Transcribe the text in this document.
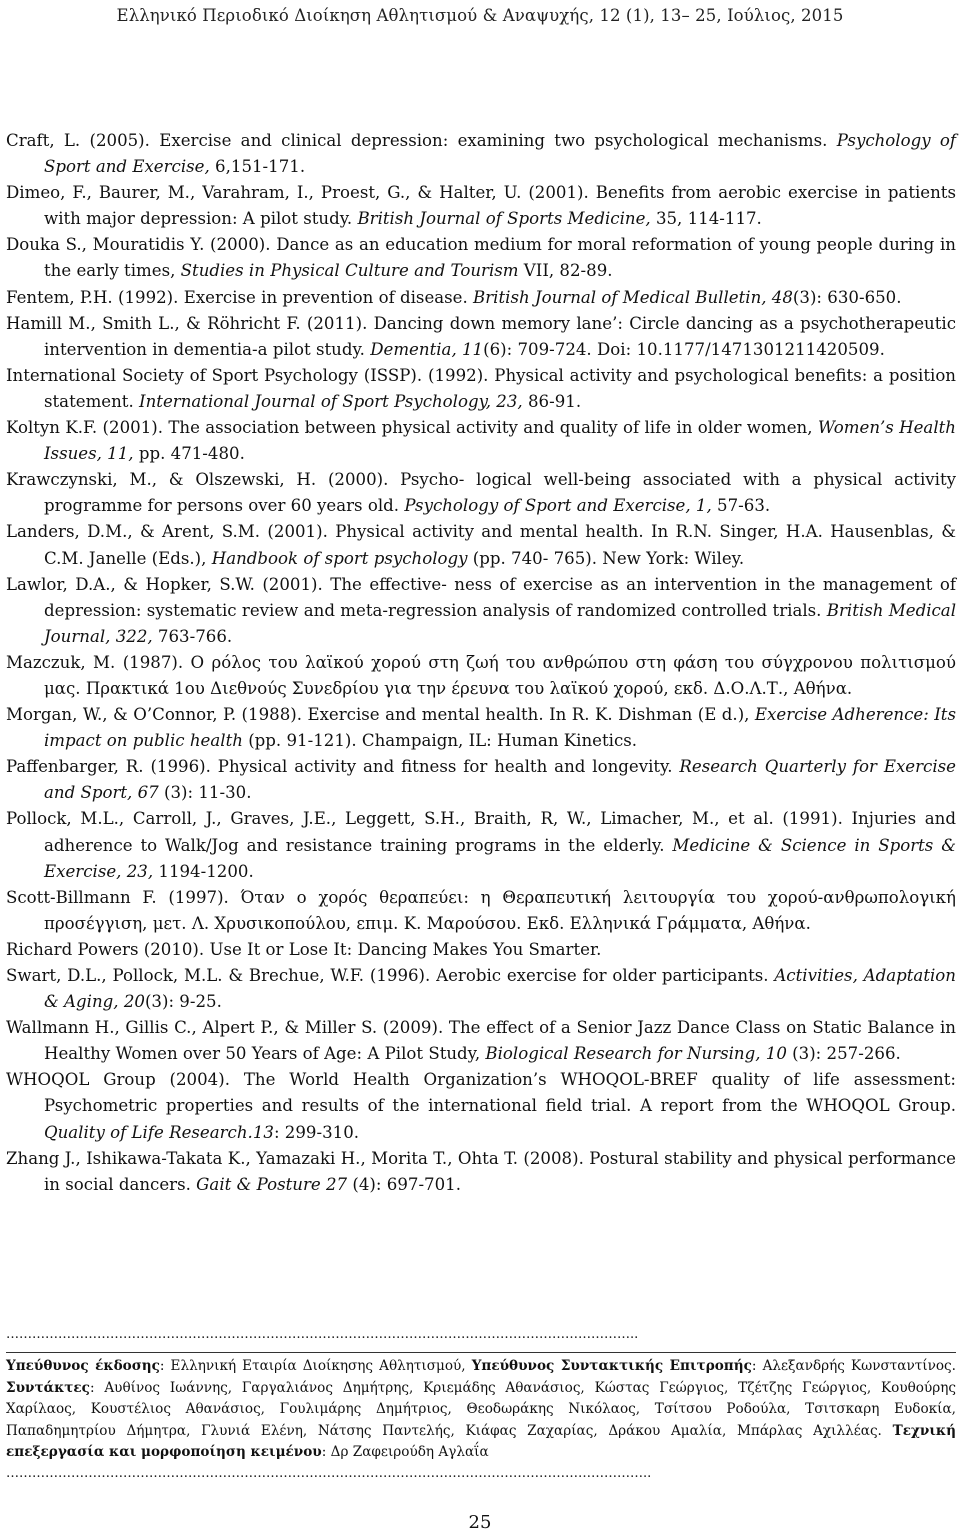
Ελληνικό Περιοδικό Διοίκηση Αθλητισμού & Αναψυχής, 12 (1), 13– 25, Ιούλιος, 2015

Craft, L. (2005). Exercise and clinical depression: examining two psychological mechanisms. Psychology of Sport and Exercise, 6,151-171.

Dimeo, F., Baurer, M., Varahram, I., Proest, G., & Halter, U. (2001). Benefits from aerobic exercise in patients with major depression: A pilot study. British Journal of Sports Medicine, 35, 114-117.

Douka S., Mouratidis Y. (2000). Dance as an education medium for moral reformation of young people during in the early times, Studies in Physical Culture and Tourism VII, 82-89.

Fentem, P.H. (1992). Exercise in prevention of disease. British Journal of Medical Bulletin, 48(3): 630-650.

Hamill M., Smith L., & Röhricht F. (2011). Dancing down memory lane’: Circle dancing as a psychotherapeutic intervention in dementia-a pilot study. Dementia, 11(6): 709-724. Doi: 10.1177/1471301211420509.

International Society of Sport Psychology (ISSP). (1992). Physical activity and psychological benefits: a position statement. International Journal of Sport Psychology, 23, 86-91.

Koltyn K.F. (2001). The association between physical activity and quality of life in older women, Women’s Health Issues, 11, pp. 471-480.

Krawczynski, M., & Olszewski, H. (2000). Psycho- logical well-being associated with a physical activity programme for persons over 60 years old. Psychology of Sport and Exercise, 1, 57-63.

Landers, D.M., & Arent, S.M. (2001). Physical activity and mental health. In R.N. Singer, H.A. Hausenblas, & C.M. Janelle (Eds.), Handbook of sport psychology (pp. 740- 765). New York: Wiley.

Lawlor, D.A., & Hopker, S.W. (2001). The effective- ness of exercise as an intervention in the management of depression: systematic review and meta-regression analysis of randomized controlled trials. British Medical Journal, 322, 763-766.

Mazczuk, M. (1987). Ο ρόλος του λαϊκού χορού στη ζωή του ανθρώπου στη φάση του σύγχρονου πολιτισμού μας. Πρακτικά 1ου Διεθνούς Συνεδρίου για την έρευνα του λαϊκού χορού, εκδ. Δ.Ο.Λ.Τ., Αθήνα.

Morgan, W., & O’Connor, P. (1988). Exercise and mental health. In R. K. Dishman (E d.), Exercise Adherence: Its impact on public health (pp. 91-121). Champaign, IL: Human Kinetics.

Paffenbarger, R. (1996). Physical activity and fitness for health and longevity. Research Quarterly for Exercise and Sport, 67 (3): 11-30.

Pollock, M.L., Carroll, J., Graves, J.E., Leggett, S.H., Braith, R, W., Limacher, M., et al. (1991). Injuries and adherence to Walk/Jog and resistance training programs in the elderly. Medicine & Science in Sports & Exercise, 23, 1194-1200.

Scott-Billmann F. (1997). Όταν ο χορός θεραπεύει: η Θεραπευτική λειτουργία του χορού-ανθρωπολογική προσέγγιση, μετ. Λ. Χρυσικοπούλου, επιμ. Κ. Μαρούσου. Εκδ. Ελληνικά Γράμματα, Αθήνα.

Richard Powers (2010). Use It or Lose It: Dancing Makes You Smarter.

Swart, D.L., Pollock, M.L. & Brechue, W.F. (1996). Aerobic exercise for older participants. Activities, Adaptation & Aging, 20(3): 9-25.

Wallmann H., Gillis C., Alpert P., & Miller S. (2009). The effect of a Senior Jazz Dance Class on Static Balance in Healthy Women over 50 Years of Age: A Pilot Study, Biological Research for Nursing, 10 (3): 257-266.

WHOQOL Group (2004). The World Health Organization’s WHOQOL-BREF quality of life assessment: Psychometric properties and results of the international field trial. A report from the WHOQOL Group. Quality of Life Research.13: 299-310.

Zhang J., Ishikawa-Takata K., Yamazaki H., Morita T., Ohta T. (2008). Postural stability and physical performance in social dancers. Gait & Posture 27 (4): 697-701.

………………………………………………………………………………………………………………………………..
Υπεύθυνος έκδοσης: Ελληνική Εταιρία Διοίκησης Αθλητισμού, Υπεύθυνος Συντακτικής Επιτροπής: Αλεξανδρής Κωνσταντίνος. Συντάκτες: Αυθίνος Ιωάννης, Γαργαλιάνος Δημήτρης, Κριεμάδης Αθανάσιος, Κώστας Γεώργιος, Τζέτζης Γεώργιος, Κουθούρης Χαρίλαος, Κουστέλιος Αθανάσιος, Γουλιμάρης Δημήτριος, Θεοδωράκης Νικόλαος, Τσίτσου Ροδούλα, Τσιτσκαρη Ευδοκία, Παπαδημητρίου Δήμητρα, Γλυνιά Ελένη, Νάτσης Παντελής, Κιάφας Ζαχαρίας, Δράκου Αμαλία, Μπάρλας Αχιλλέας. Τεχνική επεξεργασία και μορφοποίηση κειμένου: Δρ Ζαφειρούδη Αγλαΐα
…………………………………………………………………………………………………………………………………..
25
